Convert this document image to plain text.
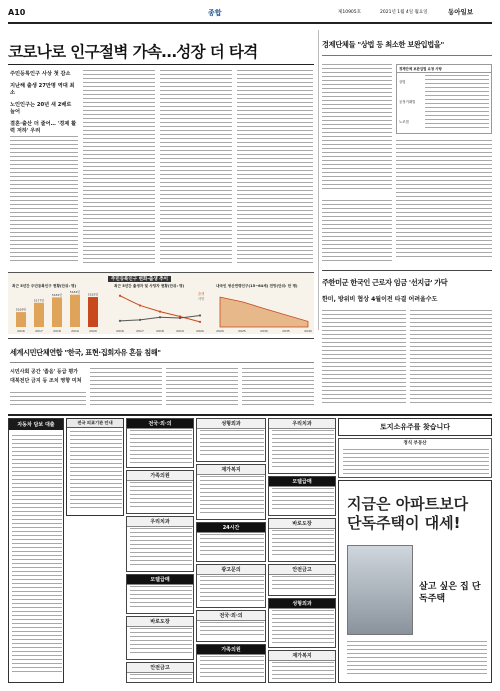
A10	종합	제10905호	2021년 1월 4일 월요일	동아일보
코로나로 인구절벽 가속…성장 더 타격
주민등록인구 사상 첫 감소
지난해 출생 27만명 역대 최소
노인인구는 20년 새 2배로 늘어
결혼·출산 더 줄어… '경제 활력 저하' 우려
주민등록인구 변화·출생 추이
최근 5년간 주민등록인구 현황(단위: 명)	최근 5년간 출생자 및 사망자 현황(단위: 명)	내국인 생산연령인구(15~64세) 전망(단위: 만 명)
5169만
2016
5177만
2017
5182만
2018
5184만
2019
5182만
2020	2016	2017	2018	2019	2020
출생
사망
2020	2025	2030	2035	2040
경제단체들 "상법 등 최소한 보완입법을"
경제단체 보완입법 요청 사항
상법
공정거래법
노조법
주한미군 한국인 근로자 임금 '선지급' 가닥
한미, 방위비 협상 4월이전 타결 어려울수도
세계시민단체연합 "한국, 표현·집회자유 흔들 침해"
시민사회 공간 '좁음' 등급 평가
대북전단 금지 등 조치 영향 미쳐
자동차 담보 대출	전국 의료기관 안내	전국·외·의
가족의원
우리치과
모텔급매
바로도장
안전금고
성형외과
재가복지
24시간
광고문의
전국·외·의
가족의원
우리치과
모텔급매
바로도장
안전금고
성형외과
재가복지
토지소유주를 찾습니다
정식 부동산
지금은 아파트보다 단독주택이 대세!
살고 싶은 집 단독주택
